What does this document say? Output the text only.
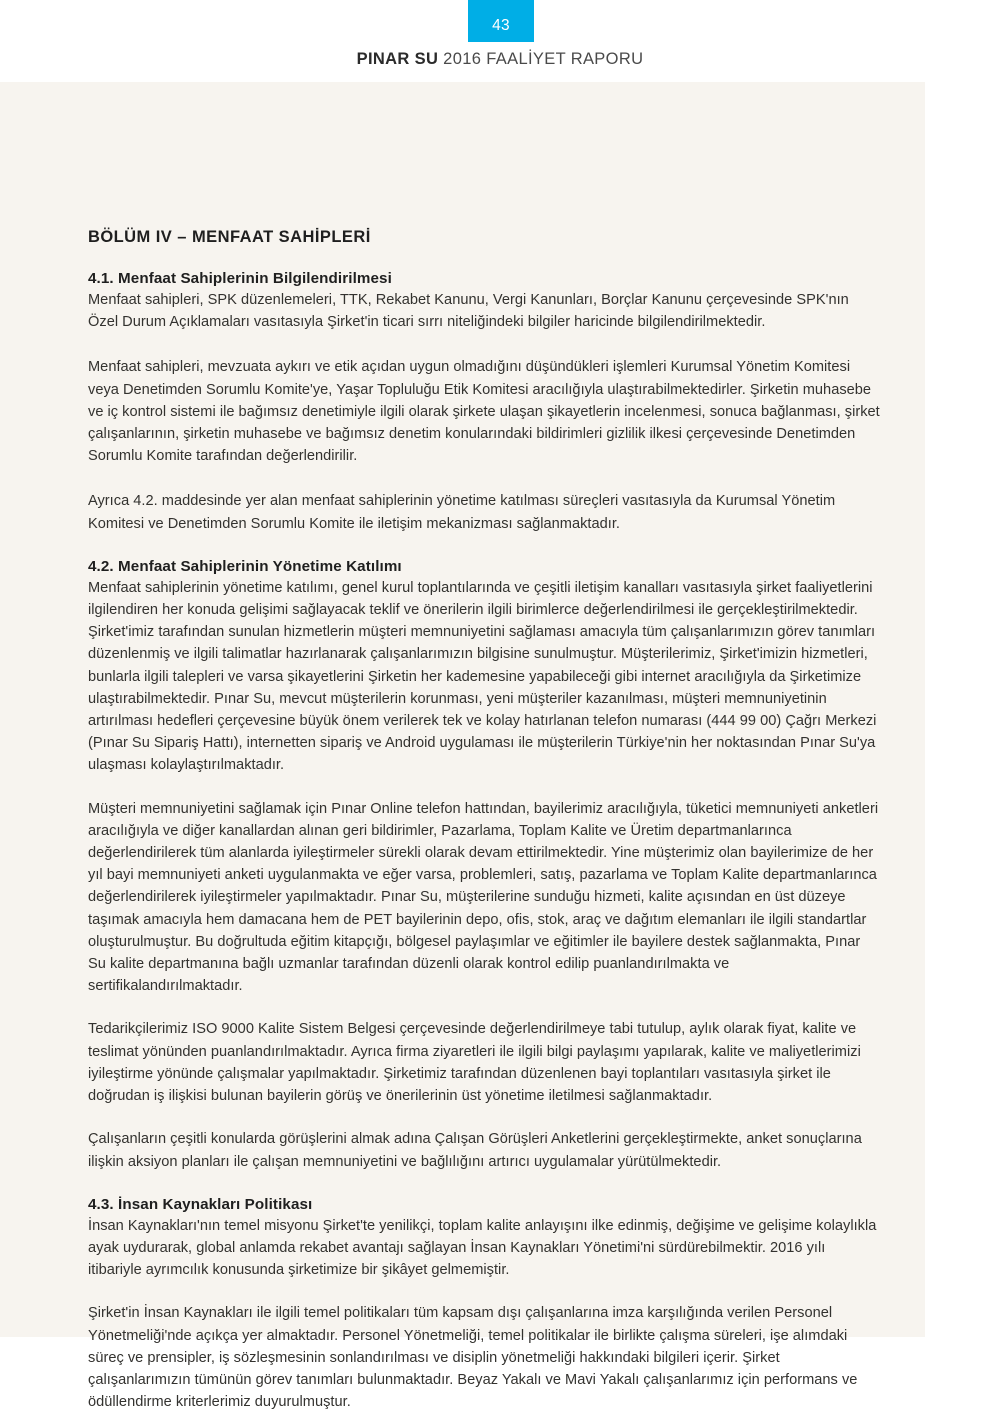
43
PINAR SU 2016 FAALİYET RAPORU
BÖLÜM IV – MENFAAT SAHİPLERİ
4.1. Menfaat Sahiplerinin Bilgilendirilmesi

Menfaat sahipleri, SPK düzenlemeleri, TTK, Rekabet Kanunu, Vergi Kanunları, Borçlar Kanunu çerçevesinde SPK'nın Özel Durum Açıklamaları vasıtasıyla Şirket'in ticari sırrı niteliğindeki bilgiler haricinde bilgilendirilmektedir.

Menfaat sahipleri, mevzuata aykırı ve etik açıdan uygun olmadığını düşündükleri işlemleri Kurumsal Yönetim Komitesi veya Denetimden Sorumlu Komite'ye, Yaşar Topluluğu Etik Komitesi aracılığıyla ulaştırabilmektedirler. Şirketin muhasebe ve iç kontrol sistemi ile bağımsız denetimiyle ilgili olarak şirkete ulaşan şikayetlerin incelenmesi, sonuca bağlanması, şirket çalışanlarının, şirketin muhasebe ve bağımsız denetim konularındaki bildirimleri gizlilik ilkesi çerçevesinde Denetimden Sorumlu Komite tarafından değerlendirilir.

Ayrıca 4.2. maddesinde yer alan menfaat sahiplerinin yönetime katılması süreçleri vasıtasıyla da Kurumsal Yönetim Komitesi ve Denetimden Sorumlu Komite ile iletişim mekanizması sağlanmaktadır.

4.2. Menfaat Sahiplerinin Yönetime Katılımı

Menfaat sahiplerinin yönetime katılımı, genel kurul toplantılarında ve çeşitli iletişim kanalları vasıtasıyla şirket faaliyetlerini ilgilendiren her konuda gelişimi sağlayacak teklif ve önerilerin ilgili birimlerce değerlendirilmesi ile gerçekleştirilmektedir. Şirket'imiz tarafından sunulan hizmetlerin müşteri memnuniyetini sağlaması amacıyla tüm çalışanlarımızın görev tanımları düzenlenmiş ve ilgili talimatlar hazırlanarak çalışanlarımızın bilgisine sunulmuştur. Müşterilerimiz, Şirket'imizin hizmetleri, bunlarla ilgili talepleri ve varsa şikayetlerini Şirketin her kademesine yapabileceği gibi internet aracılığıyla da Şirketimize ulaştırabilmektedir. Pınar Su, mevcut müşterilerin korunması, yeni müşteriler kazanılması, müşteri memnuniyetinin artırılması hedefleri çerçevesine büyük önem verilerek tek ve kolay hatırlanan telefon numarası (444 99 00) Çağrı Merkezi (Pınar Su Sipariş Hattı), internetten sipariş ve Android uygulaması ile müşterilerin Türkiye'nin her noktasından Pınar Su'ya ulaşması kolaylaştırılmaktadır.

Müşteri memnuniyetini sağlamak için Pınar Online telefon hattından, bayilerimiz aracılığıyla, tüketici memnuniyeti anketleri aracılığıyla ve diğer kanallardan alınan geri bildirimler, Pazarlama, Toplam Kalite ve Üretim departmanlarınca değerlendirilerek tüm alanlarda iyileştirmeler sürekli olarak devam ettirilmektedir. Yine müşterimiz olan bayilerimize de her yıl bayi memnuniyeti anketi uygulanmakta ve eğer varsa, problemleri, satış, pazarlama ve Toplam Kalite departmanlarınca değerlendirilerek iyileştirmeler yapılmaktadır. Pınar Su, müşterilerine sunduğu hizmeti, kalite açısından en üst düzeye taşımak amacıyla hem damacana hem de PET bayilerinin depo, ofis, stok, araç ve dağıtım elemanları ile ilgili standartlar oluşturulmuştur. Bu doğrultuda eğitim kitapçığı, bölgesel paylaşımlar ve eğitimler ile bayilere destek sağlanmakta, Pınar Su kalite departmanına bağlı uzmanlar tarafından düzenli olarak kontrol edilip puanlandırılmakta ve sertifikalandırılmaktadır.

Tedarikçilerimiz ISO 9000 Kalite Sistem Belgesi çerçevesinde değerlendirilmeye tabi tutulup, aylık olarak fiyat, kalite ve teslimat yönünden puanlandırılmaktadır. Ayrıca firma ziyaretleri ile ilgili bilgi paylaşımı yapılarak, kalite ve maliyetlerimizi iyileştirme yönünde çalışmalar yapılmaktadır. Şirketimiz tarafından düzenlenen bayi toplantıları vasıtasıyla şirket ile doğrudan iş ilişkisi bulunan bayilerin görüş ve önerilerinin üst yönetime iletilmesi sağlanmaktadır.

Çalışanların çeşitli konularda görüşlerini almak adına Çalışan Görüşleri Anketlerini gerçekleştirmekte, anket sonuçlarına ilişkin aksiyon planları ile çalışan memnuniyetini ve bağlılığını artırıcı uygulamalar yürütülmektedir.

4.3. İnsan Kaynakları Politikası

İnsan Kaynakları'nın temel misyonu Şirket'te yenilikçi, toplam kalite anlayışını ilke edinmiş, değişime ve gelişime kolaylıkla ayak uydurarak, global anlamda rekabet avantajı sağlayan İnsan Kaynakları Yönetimi'ni sürdürebilmektir. 2016 yılı itibariyle ayrımcılık konusunda şirketimize bir şikâyet gelmemiştir.

Şirket'in İnsan Kaynakları ile ilgili temel politikaları tüm kapsam dışı çalışanlarına imza karşılığında verilen Personel Yönetmeliği'nde açıkça yer almaktadır. Personel Yönetmeliği, temel politikalar ile birlikte çalışma süreleri, işe alımdaki süreç ve prensipler, iş sözleşmesinin sonlandırılması ve disiplin yönetmeliği hakkındaki bilgileri içerir. Şirket çalışanlarımızın tümünün görev tanımları bulunmaktadır. Beyaz Yakalı ve Mavi Yakalı çalışanlarımız için performans ve ödüllendirme kriterlerimiz duyurulmuştur.
